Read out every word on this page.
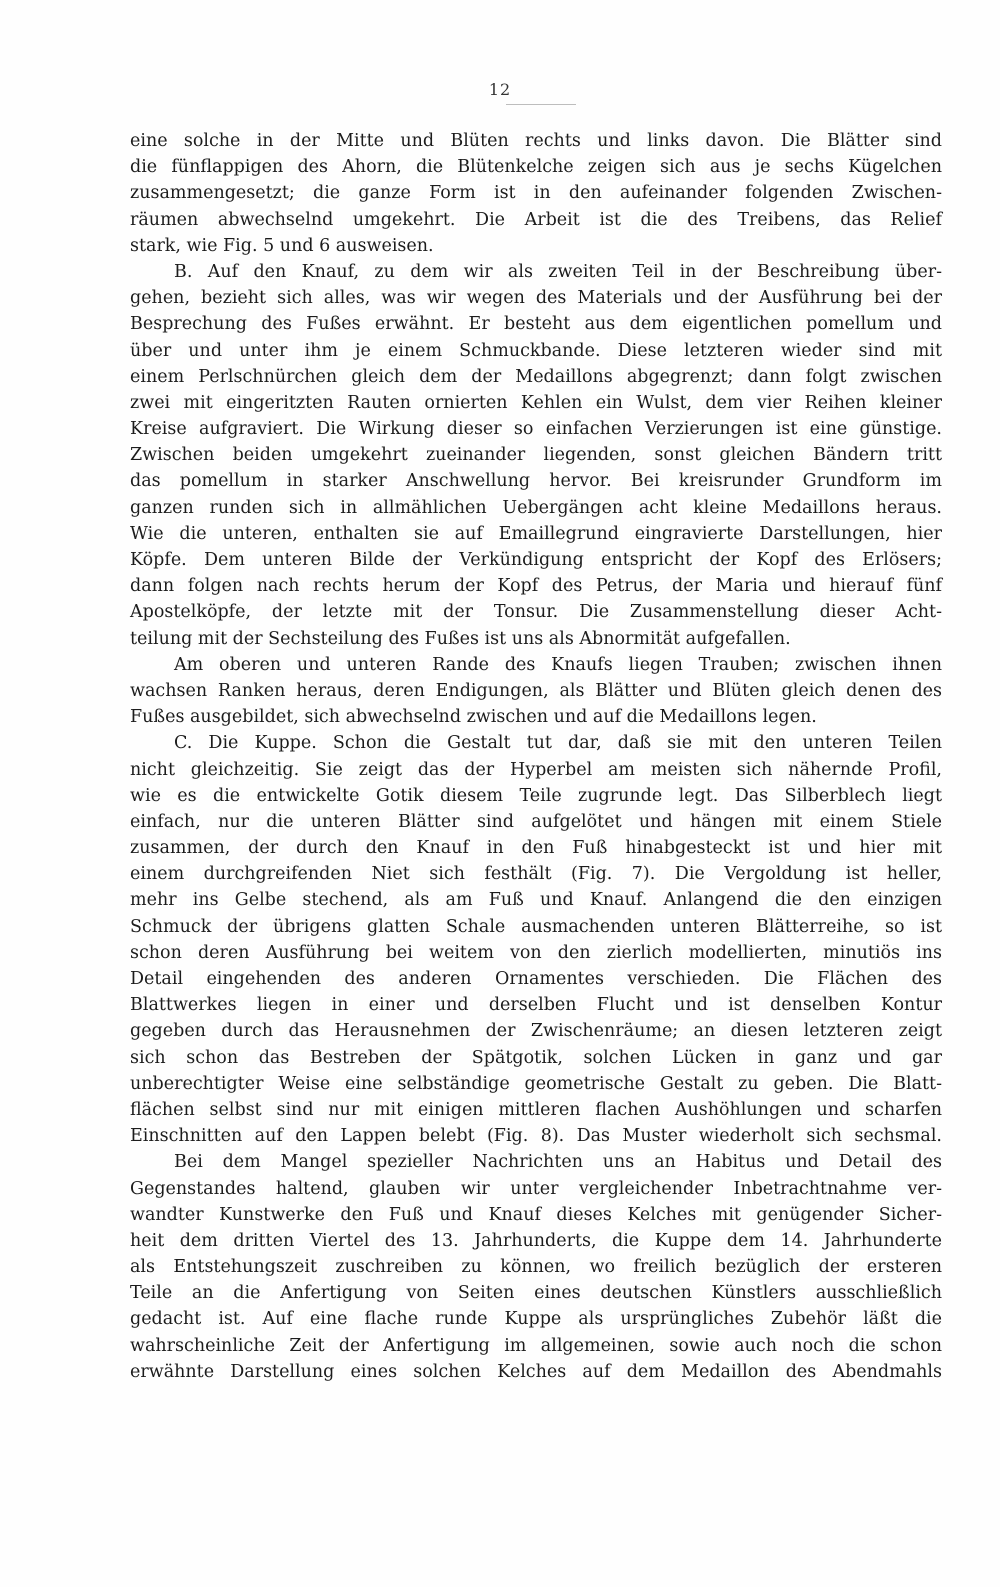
12
eine solche in der Mitte und Blüten rechts und links davon. Die Blätter sind
die fünflappigen des Ahorn, die Blütenkelche zeigen sich aus je sechs Kügelchen
zusammengesetzt; die ganze Form ist in den aufeinander folgenden Zwischen-
räumen abwechselnd umgekehrt. Die Arbeit ist die des Treibens, das Relief
stark, wie Fig. 5 und 6 ausweisen.
B. Auf den Knauf, zu dem wir als zweiten Teil in der Beschreibung über-
gehen, bezieht sich alles, was wir wegen des Materials und der Ausführung bei der
Besprechung des Fußes erwähnt. Er besteht aus dem eigentlichen pomellum und
über und unter ihm je einem Schmuckbande. Diese letzteren wieder sind mit
einem Perlschnürchen gleich dem der Medaillons abgegrenzt; dann folgt zwischen
zwei mit eingeritzten Rauten ornierten Kehlen ein Wulst, dem vier Reihen kleiner
Kreise aufgraviert. Die Wirkung dieser so einfachen Verzierungen ist eine günstige.
Zwischen beiden umgekehrt zueinander liegenden, sonst gleichen Bändern tritt
das pomellum in starker Anschwellung hervor. Bei kreisrunder Grundform im
ganzen runden sich in allmählichen Uebergängen acht kleine Medaillons heraus.
Wie die unteren, enthalten sie auf Emaillegrund eingravierte Darstellungen, hier
Köpfe. Dem unteren Bilde der Verkündigung entspricht der Kopf des Erlösers;
dann folgen nach rechts herum der Kopf des Petrus, der Maria und hierauf fünf
Apostelköpfe, der letzte mit der Tonsur. Die Zusammenstellung dieser Acht-
teilung mit der Sechsteilung des Fußes ist uns als Abnormität aufgefallen.
Am oberen und unteren Rande des Knaufs liegen Trauben; zwischen ihnen
wachsen Ranken heraus, deren Endigungen, als Blätter und Blüten gleich denen des
Fußes ausgebildet, sich abwechselnd zwischen und auf die Medaillons legen.
C. Die Kuppe. Schon die Gestalt tut dar, daß sie mit den unteren Teilen
nicht gleichzeitig. Sie zeigt das der Hyperbel am meisten sich nähernde Profil,
wie es die entwickelte Gotik diesem Teile zugrunde legt. Das Silberblech liegt
einfach, nur die unteren Blätter sind aufgelötet und hängen mit einem Stiele
zusammen, der durch den Knauf in den Fuß hinabgesteckt ist und hier mit
einem durchgreifenden Niet sich festhält (Fig. 7). Die Vergoldung ist heller,
mehr ins Gelbe stechend, als am Fuß und Knauf. Anlangend die den einzigen
Schmuck der übrigens glatten Schale ausmachenden unteren Blätterreihe, so ist
schon deren Ausführung bei weitem von den zierlich modellierten, minutiös ins
Detail eingehenden des anderen Ornamentes verschieden. Die Flächen des
Blattwerkes liegen in einer und derselben Flucht und ist denselben Kontur
gegeben durch das Herausnehmen der Zwischenräume; an diesen letzteren zeigt
sich schon das Bestreben der Spätgotik, solchen Lücken in ganz und gar
unberechtigter Weise eine selbständige geometrische Gestalt zu geben. Die Blatt-
flächen selbst sind nur mit einigen mittleren flachen Aushöhlungen und scharfen
Einschnitten auf den Lappen belebt (Fig. 8). Das Muster wiederholt sich sechsmal.
Bei dem Mangel spezieller Nachrichten uns an Habitus und Detail des
Gegenstandes haltend, glauben wir unter vergleichender Inbetrachtnahme ver-
wandter Kunstwerke den Fuß und Knauf dieses Kelches mit genügender Sicher-
heit dem dritten Viertel des 13. Jahrhunderts, die Kuppe dem 14. Jahrhunderte
als Entstehungszeit zuschreiben zu können, wo freilich bezüglich der ersteren
Teile an die Anfertigung von Seiten eines deutschen Künstlers ausschließlich
gedacht ist. Auf eine flache runde Kuppe als ursprüngliches Zubehör läßt die
wahrscheinliche Zeit der Anfertigung im allgemeinen, sowie auch noch die schon
erwähnte Darstellung eines solchen Kelches auf dem Medaillon des Abendmahls
